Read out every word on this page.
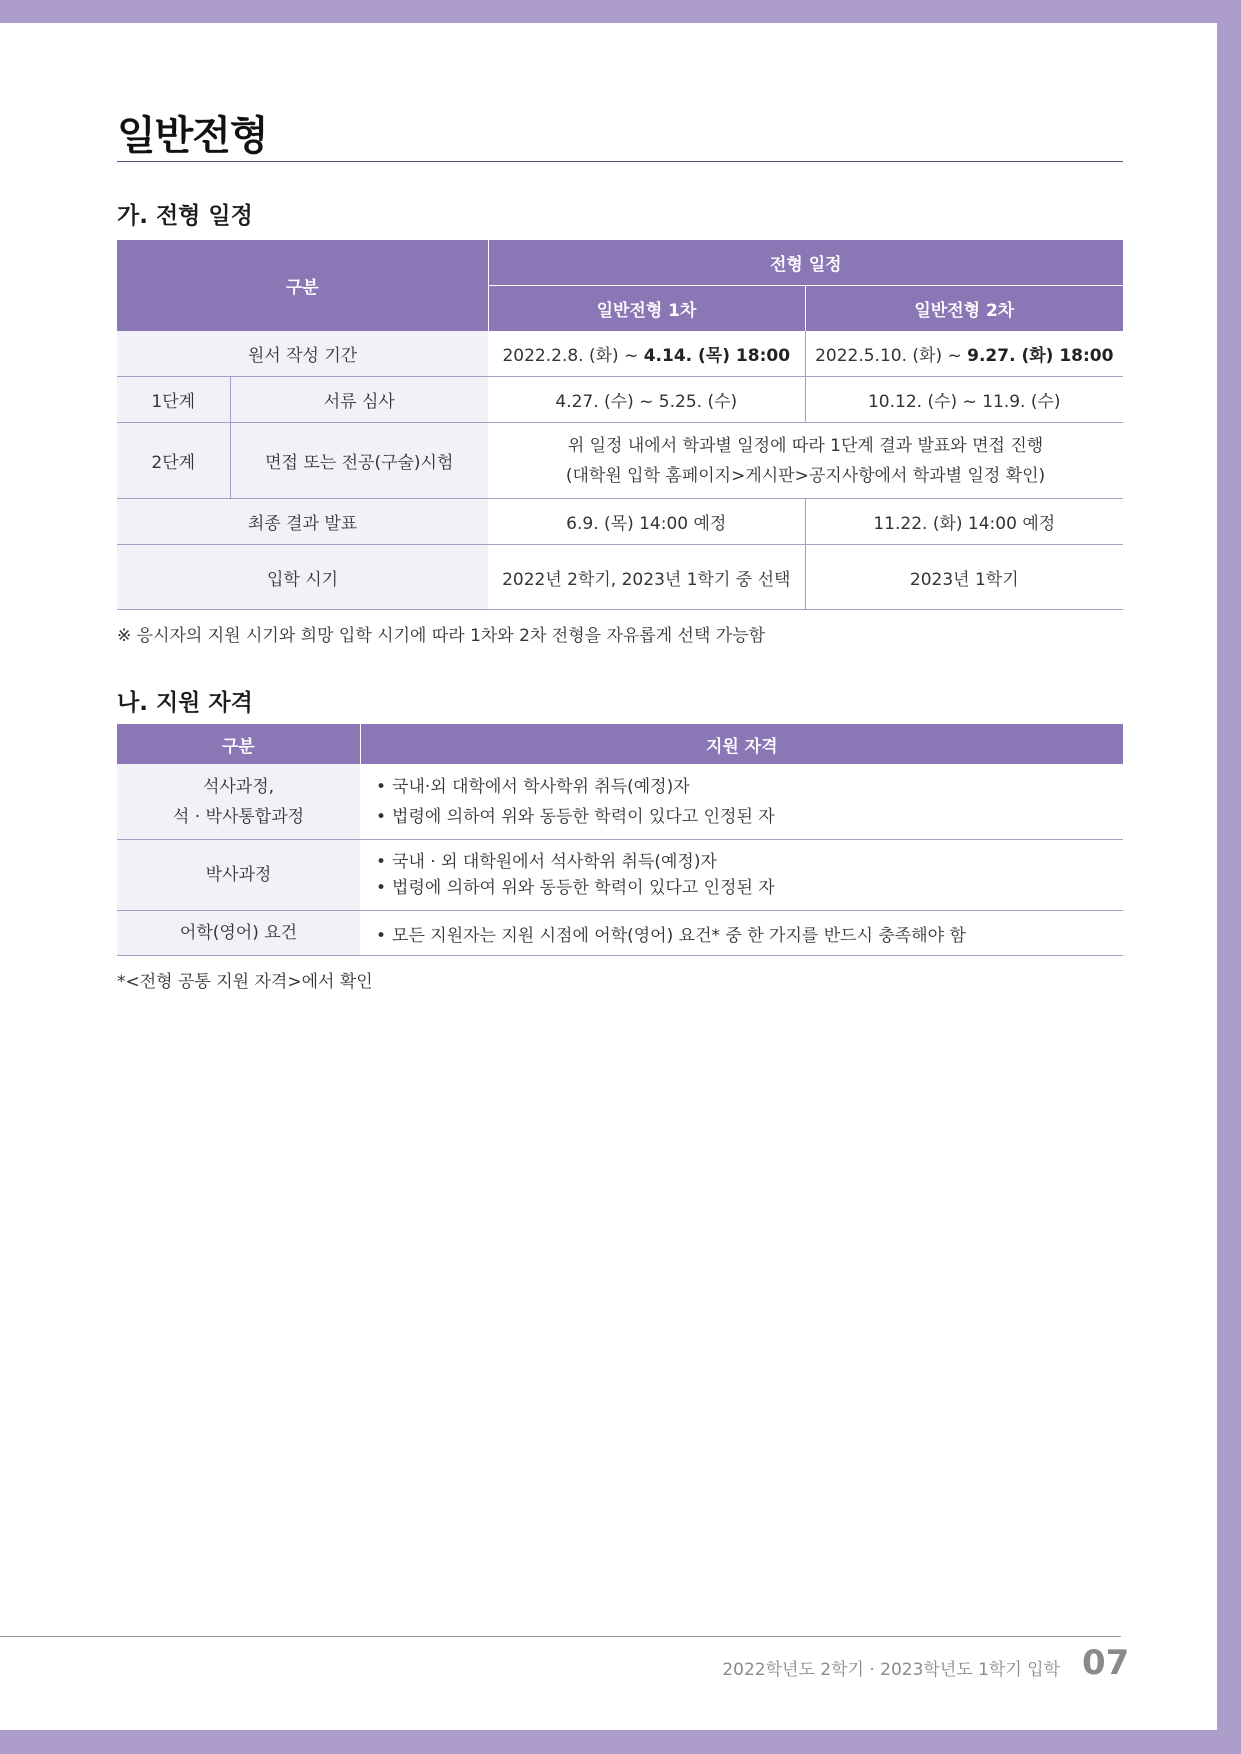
일반전형
가. 전형 일정
구분		전형 일정	
		일반전형 1차	일반전형 2차
원서 작성 기간		2022.2.8. (화) ~ 4.14. (목) 18:00	2022.5.10. (화) ~ 9.27. (화) 18:00
1단계	서류 심사	4.27. (수) ~ 5.25. (수)	10.12. (수) ~ 11.9. (수)
2단계	면접 또는 전공(구술)시험	위 일정 내에서 학과별 일정에 따라 1단계 결과 발표와 면접 진행
(대학원 입학 홈페이지>게시판>공지사항에서 학과별 일정 확인)	

최종 결과 발표		6.9. (목) 14:00 예정	11.22. (화) 14:00 예정
입학 시기		2022년 2학기, 2023년 1학기 중 선택	2023년 1학기
※ 응시자의 지원 시기와 희망 입학 시기에 따라 1차와 2차 전형을 자유롭게 선택 가능함
나. 지원 자격
구분	지원 자격

석사과정,
석 · 박사통합과정	• 국내·외 대학에서 학사학위 취득(예정)자
• 법령에 의하여 위와 동등한 학력이 있다고 인정된 자

박사과정	• 국내 · 외 대학원에서 석사학위 취득(예정)자
• 법령에 의하여 위와 동등한 학력이 있다고 인정된 자

어학(영어) 요건	• 모든 지원자는 지원 시점에 어학(영어) 요건* 중 한 가지를 반드시 충족해야 함
*<전형 공통 지원 자격>에서 확인
2022학년도 2학기 · 2023학년도 1학기 입학 07
